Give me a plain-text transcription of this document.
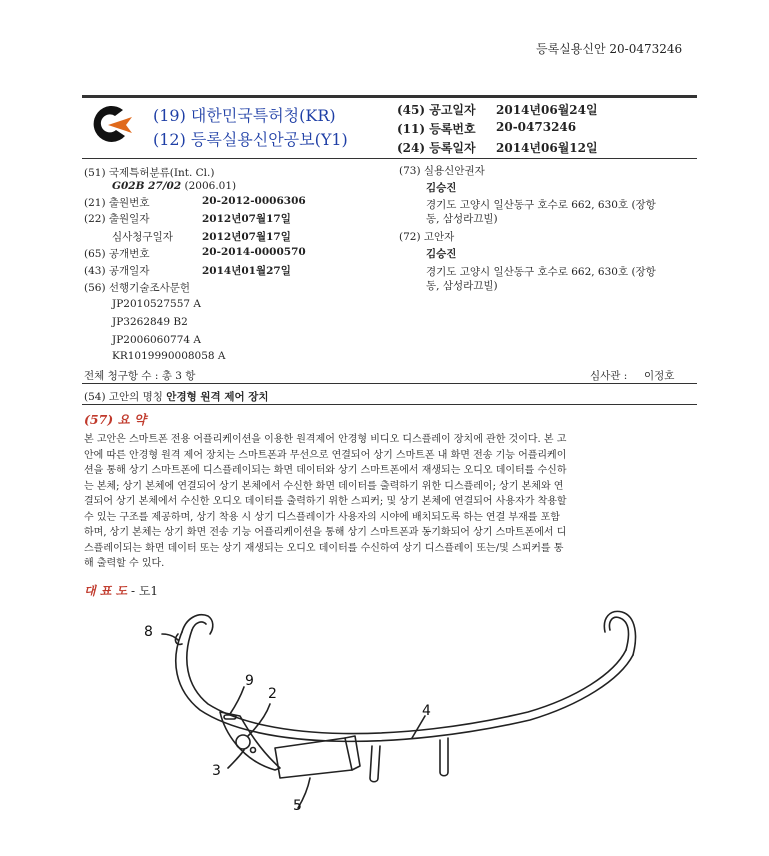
등록실용신안 20-0473246
(19) 대한민국특허청(KR)
(12) 등록실용신안공보(Y1)
(45) 공고일자 2014년06월24일
(11) 등록번호 20-0473246
(24) 등록일자 2014년06월12일
(51) 국제특허분류(Int. Cl.)
G02B 27/02 (2006.01)
(21) 출원번호	20-2012-0006306
(22) 출원일자	2012년07월17일
심사청구일자	2012년07월17일
(65) 공개번호	20-2014-0000570
(43) 공개일자	2014년01월27일
(56) 선행기술조사문헌
JP2010527557 A
JP3262849 B2
JP2006060774 A
KR1019990008058 A
(73) 실용신안권자
김승진
경기도 고양시 일산동구 호수로 662, 630호 (장항
동, 삼성라끄빌)
(72) 고안자
김승진
경기도 고양시 일산동구 호수로 662, 630호 (장항
동, 삼성라끄빌)
전체 청구항 수 : 총 3 항	심사관 :     이정호
(54) 고안의 명칭 안경형 원격 제어 장치
(57) 요 약
본 고안은 스마트폰 전용 어플리케이션을 이용한 원격제어 안경형 비디오 디스플레이 장치에 관한 것이다. 본 고
안에 따른 안경형 원격 제어 장치는 스마트폰과 무선으로 연결되어 상기 스마트폰 내 화면 전송 기능 어플리케이
션을 통해 상기 스마트폰에 디스플레이되는 화면 데이터와 상기 스마트폰에서 재생되는 오디오 데이터를 수신하
는 본체; 상기 본체에 연결되어 상기 본체에서 수신한 화면 데이터를 출력하기 위한 디스플레이; 상기 본체와 연
결되어 상기 본체에서 수신한 오디오 데이터를 출력하기 위한 스피커; 및 상기 본체에 연결되어 사용자가 착용할
수 있는 구조를 제공하며, 상기 착용 시 상기 디스플레이가 사용자의 시야에 배치되도록 하는 연결 부재를 포함
하며, 상기 본체는 상기 화면 전송 기능 어플리케이션을 통해 상기 스마트폰과 동기화되어 상기 스마트폰에서 디
스플레이되는 화면 데이터 또는 상기 재생되는 오디오 데이터를 수신하여 상기 디스플레이 또는/및 스피커를 통
해 출력할 수 있다.
대 표 도 - 도1
8
9
2
4
3
5
